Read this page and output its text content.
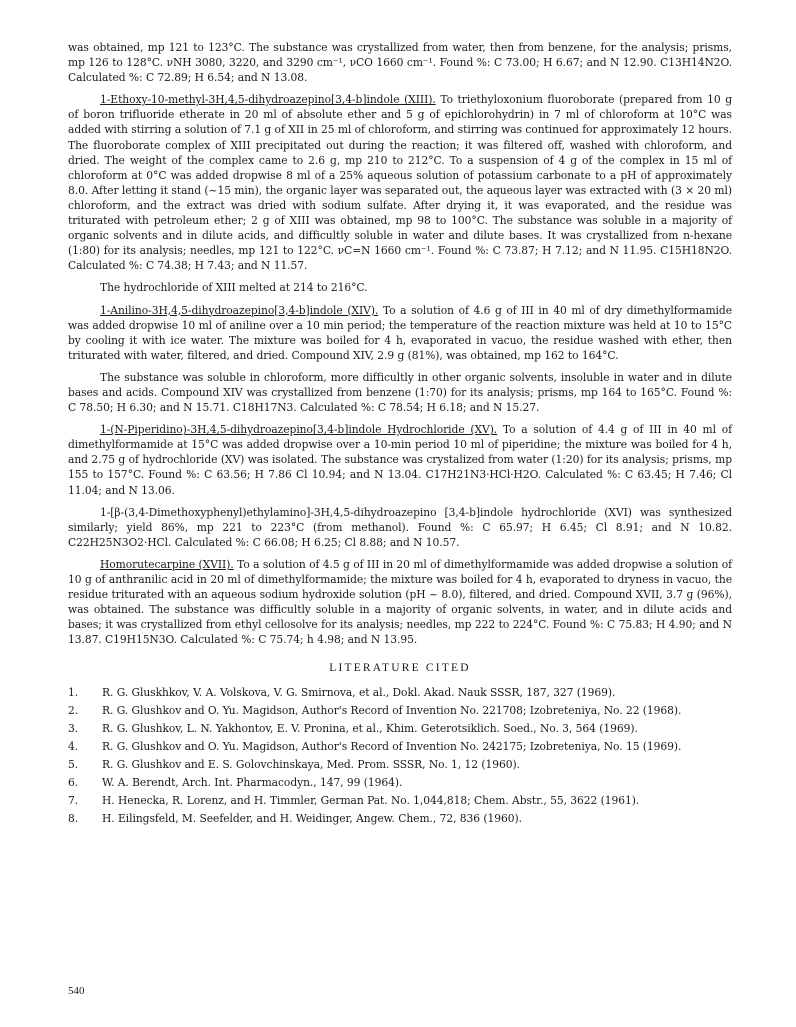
was obtained, mp 121 to 123°C. The substance was crystallized from water, then from benzene, for the analysis; prisms, mp 126 to 128°C. νNH 3080, 3220, and 3290 cm⁻¹, νCO 1660 cm⁻¹. Found %: C 73.00; H 6.67; and N 12.90. C13H14N2O. Calculated %: C 72.89; H 6.54; and N 13.08.

1-Ethoxy-10-methyl-3H,4,5-dihydroazepino[3,4-b]indole (XIII). To triethyloxonium fluoroborate (prepared from 10 g of boron trifluoride etherate in 20 ml of absolute ether and 5 g of epichlorohydrin) in 7 ml of chloroform at 10°C was added with stirring a solution of 7.1 g of XII in 25 ml of chloroform, and stirring was continued for approximately 12 hours. The fluoroborate complex of XIII precipitated out during the reaction; it was filtered off, washed with chloroform, and dried. The weight of the complex came to 2.6 g, mp 210 to 212°C. To a suspension of 4 g of the complex in 15 ml of chloroform at 0°C was added dropwise 8 ml of a 25% aqueous solution of potassium carbonate to a pH of approximately 8.0. After letting it stand (~15 min), the organic layer was separated out, the aqueous layer was extracted with (3 × 20 ml) chloroform, and the extract was dried with sodium sulfate. After drying it, it was evaporated, and the residue was triturated with petroleum ether; 2 g of XIII was obtained, mp 98 to 100°C. The substance was soluble in a majority of organic solvents and in dilute acids, and difficultly soluble in water and dilute bases. It was crystallized from n-hexane (1:80) for its analysis; needles, mp 121 to 122°C. νC=N 1660 cm⁻¹. Found %: C 73.87; H 7.12; and N 11.95. C15H18N2O. Calculated %: C 74.38; H 7.43; and N 11.57.

The hydrochloride of XIII melted at 214 to 216°C.

1-Anilino-3H,4,5-dihydroazepino[3,4-b]indole (XIV). To a solution of 4.6 g of III in 40 ml of dry dimethylformamide was added dropwise 10 ml of aniline over a 10 min period; the temperature of the reaction mixture was held at 10 to 15°C by cooling it with ice water. The mixture was boiled for 4 h, evaporated in vacuo, the residue washed with ether, then triturated with water, filtered, and dried. Compound XIV, 2.9 g (81%), was obtained, mp 162 to 164°C.

The substance was soluble in chloroform, more difficultly in other organic solvents, insoluble in water and in dilute bases and acids. Compound XIV was crystallized from benzene (1:70) for its analysis; prisms, mp 164 to 165°C. Found %: C 78.50; H 6.30; and N 15.71. C18H17N3. Calculated %: C 78.54; H 6.18; and N 15.27.

1-(N-Piperidino)-3H,4,5-dihydroazepino[3,4-b]indole Hydrochloride (XV). To a solution of 4.4 g of III in 40 ml of dimethylformamide at 15°C was added dropwise over a 10-min period 10 ml of piperidine; the mixture was boiled for 4 h, and 2.75 g of hydrochloride (XV) was isolated. The substance was crystalized from water (1:20) for its analysis; prisms, mp 155 to 157°C. Found %: C 63.56; H 7.86 Cl 10.94; and N 13.04. C17H21N3·HCl·H2O. Calculated %: C 63.45; H 7.46; Cl 11.04; and N 13.06.

1-[β-(3,4-Dimethoxyphenyl)ethylamino]-3H,4,5-dihydroazepino [3,4-b]indole hydrochloride (XVI) was synthesized similarly; yield 86%, mp 221 to 223°C (from methanol). Found %: C 65.97; H 6.45; Cl 8.91; and N 10.82. C22H25N3O2·HCl. Calculated %: C 66.08; H 6.25; Cl 8.88; and N 10.57.

Homorutecarpine (XVII). To a solution of 4.5 g of III in 20 ml of dimethylformamide was added dropwise a solution of 10 g of anthranilic acid in 20 ml of dimethylformamide; the mixture was boiled for 4 h, evaporated to dryness in vacuo, the residue triturated with an aqueous sodium hydroxide solution (pH ~ 8.0), filtered, and dried. Compound XVII, 3.7 g (96%), was obtained. The substance was difficultly soluble in a majority of organic solvents, in water, and in dilute acids and bases; it was crystallized from ethyl cellosolve for its analysis; needles, mp 222 to 224°C. Found %: C 75.83; H 4.90; and N 13.87. C19H15N3O. Calculated %: C 75.74; h 4.98; and N 13.95.

LITERATURE CITED
1.	R. G. Gluskhkov, V. A. Volskova, V. G. Smirnova, et al., Dokl. Akad. Nauk SSSR, 187, 327 (1969).
2.	R. G. Glushkov and O. Yu. Magidson, Author's Record of Invention No. 221708; Izobreteniya, No. 22 (1968).
3.	R. G. Glushkov, L. N. Yakhontov, E. V. Pronina, et al., Khim. Geterotsiklich. Soed., No. 3, 564 (1969).
4.	R. G. Glushkov and O. Yu. Magidson, Author's Record of Invention No. 242175; Izobreteniya, No. 15 (1969).
5.	R. G. Glushkov and E. S. Golovchinskaya, Med. Prom. SSSR, No. 1, 12 (1960).
6.	W. A. Berendt, Arch. Int. Pharmacodyn., 147, 99 (1964).
7.	H. Henecka, R. Lorenz, and H. Timmler, German Pat. No. 1,044,818; Chem. Abstr., 55, 3622 (1961).
8.	H. Eilingsfeld, M. Seefelder, and H. Weidinger, Angew. Chem., 72, 836 (1960).
540
